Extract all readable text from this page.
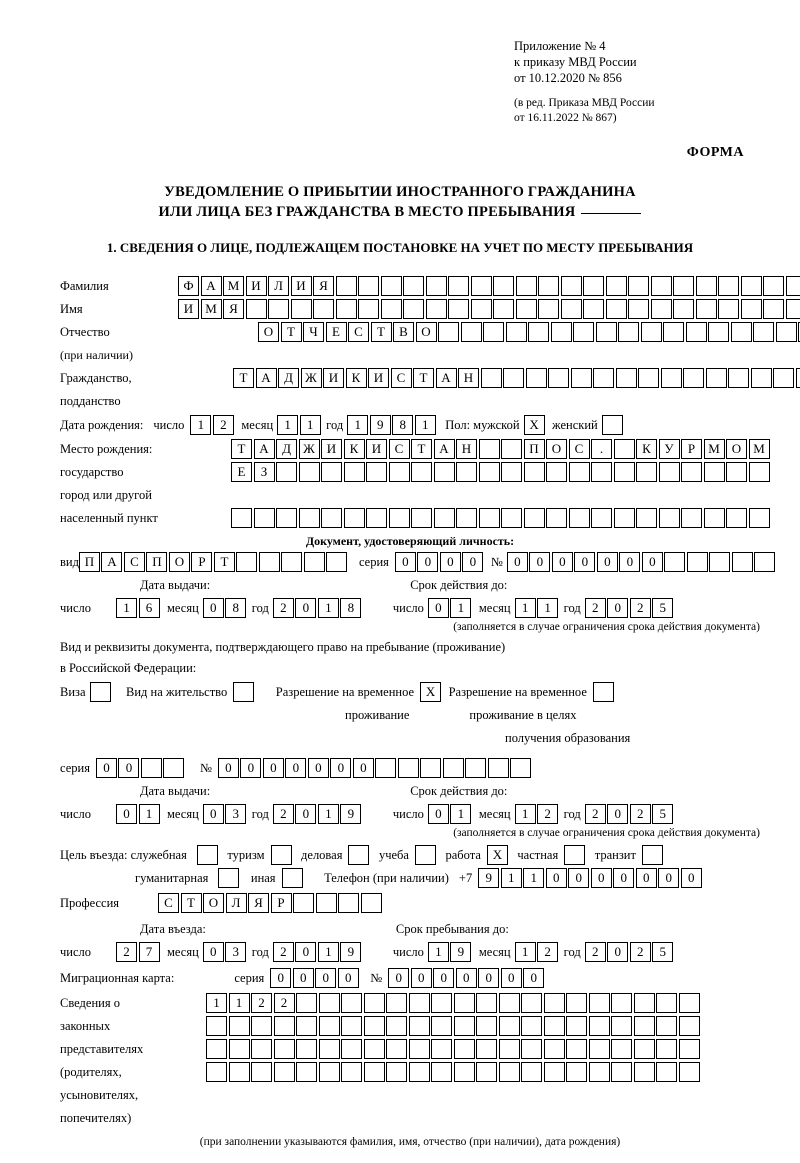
Приложение № 4
к приказу МВД России
от 10.12.2020 № 856
(в ред. Приказа МВД России
от 16.11.2022 № 867)
ФОРМА
УВЕДОМЛЕНИЕ О ПРИБЫТИИ ИНОСТРАННОГО ГРАЖДАНИНА
ИЛИ ЛИЦА БЕЗ ГРАЖДАНСТВА В МЕСТО ПРЕБЫВАНИЯ
1. СВЕДЕНИЯ О ЛИЦЕ, ПОДЛЕЖАЩЕМ ПОСТАНОВКЕ НА УЧЕТ ПО МЕСТУ ПРЕБЫВАНИЯ
Фамилия	Ф А М И	Л	И	Я
Имя	И М Я
Отчество	О	Т	Ч	Е	С	Т	В	О
(при наличии)
Гражданство,	Т	А	Д Ж И	К	И	С	Т	А	Н
подданство
Дата рождения: число	1	2	месяц 1	1	год 1	9	8	1	Пол: мужской X	женский
Место рождения:	Т	А	Д Ж И	К	И	С	Т	А	Н	П	О	С	.	К	У	Р	М О М
государство	Е	З
город или другой
населенный пункт
Документ, удостоверяющий личность:
вид П	А	С	П	О	Р	Т	серия	0	0	0	0	№ 0	0	0	0	0	0	0
Дата выдачи:	Срок действия до:
число	1	6	месяц 0	8	год 2	0	1	8	число 0	1	месяц 1	1	год 2	0	2	5
(заполняется в случае ограничения срока действия документа)
Вид и реквизиты документа, подтверждающего право на пребывание (проживание)
в Российской Федерации:
Виза	Вид на жительство	Разрешение на временное X	Разрешение на временное
проживание	проживание в целях
получения образования
серия	0	0	№	0	0	0	0	0	0	0
Дата выдачи:	Срок действия до:
число	0	1	месяц 0	3	год 2	0	1	9	число 0	1	месяц 1	2	год 2	0	2	5
(заполняется в случае ограничения срока действия документа)
Цель въезда: служебная	туризм	деловая	учеба	работа X	частная	транзит
гуманитарная	иная	Телефон (при наличии) +7	9	1	1	0	0	0	0	0	0	0
Профессия	С	Т	О	Л	Я	Р
Дата въезда:	Срок пребывания до:
число	2	7	месяц 0	3	год 2	0	1	9	число 1	9	месяц 1	2	год 2	0	2	5
Миграционная карта:	серия	0	0	0	0	№	0	0	0	0	0	0	0
Сведения о	1	1	2	2
законных
представителях
(родителях,
усыновителях,
попечителях)
(при заполнении указываются фамилия, имя, отчество (при наличии), дата рождения)
